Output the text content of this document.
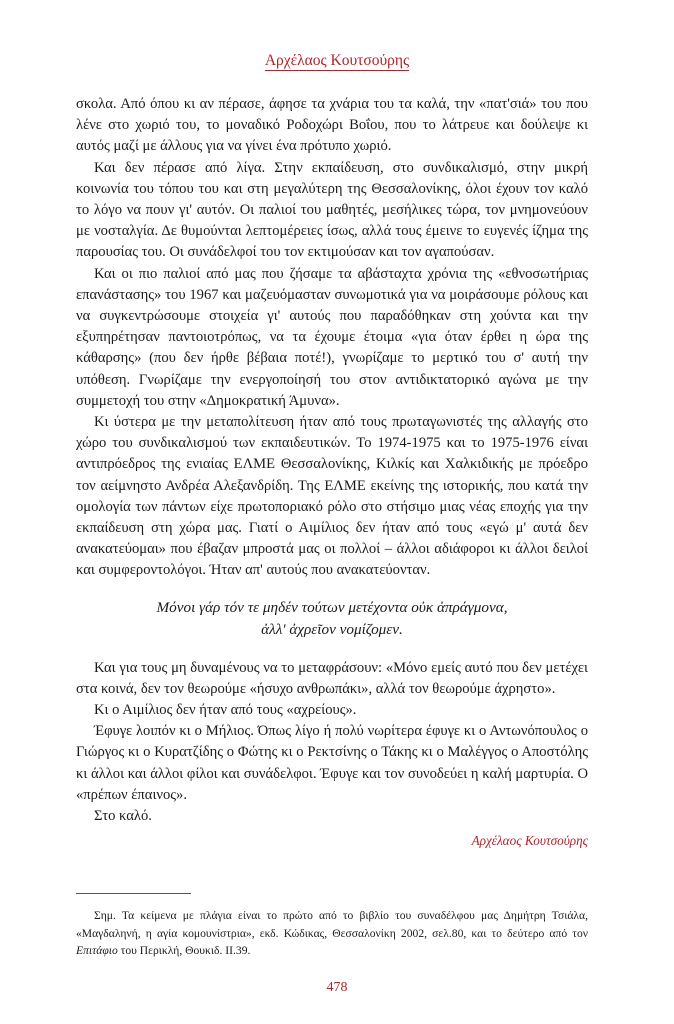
Αρχέλαος Κουτσούρης

σκολα. Από όπου κι αν πέρασε, άφησε τα χνάρια του τα καλά, την «πατ'σιά» του που λένε στο χωριό του, το μοναδικό Ροδοχώρι Βοΐου, που το λάτρευε και δούλεψε κι αυτός μαζί με άλλους για να γίνει ένα πρότυπο χωριό.

Και δεν πέρασε από λίγα. Στην εκπαίδευση, στο συνδικαλισμό, στην μικρή κοινωνία του τόπου του και στη μεγαλύτερη της Θεσσαλονίκης, όλοι έχουν τον καλό το λόγο να πουν γι' αυτόν. Οι παλιοί του μαθητές, μεσήλικες τώρα, τον μνημονεύουν με νοσταλγία. Δε θυμούνται λεπτομέρειες ίσως, αλλά τους έμεινε το ευγενές ίζημα της παρουσίας του. Οι συνάδελφοί του τον εκτιμούσαν και τον αγαπούσαν.

Και οι πιο παλιοί από μας που ζήσαμε τα αβάσταχτα χρόνια της «εθνοσωτήριας επανάστασης» του 1967 και μαζευόμασταν συνωμοτικά για να μοιράσουμε ρόλους και να συγκεντρώσουμε στοιχεία γι' αυτούς που παραδόθηκαν στη χούντα και την εξυπηρέτησαν παντοιοτρόπως, να τα έχουμε έτοιμα «για όταν έρθει η ώρα της κάθαρσης» (που δεν ήρθε βέβαια ποτέ!), γνωρίζαμε το μερτικό του σ' αυτή την υπόθεση. Γνωρίζαμε την ενεργοποίησή του στον αντιδικτατορικό αγώνα με την συμμετοχή του στην «Δημοκρατική Άμυνα».

Κι ύστερα με την μεταπολίτευση ήταν από τους πρωταγωνιστές της αλλαγής στο χώρο του συνδικαλισμού των εκπαιδευτικών. Το 1974-1975 και το 1975-1976 είναι αντιπρόεδρος της ενιαίας ΕΛΜΕ Θεσσαλονίκης, Κιλκίς και Χαλκιδικής με πρόεδρο τον αείμνηστο Ανδρέα Αλεξανδρίδη. Της ΕΛΜΕ εκείνης της ιστορικής, που κατά την ομολογία των πάντων είχε πρωτοποριακό ρόλο στο στήσιμο μιας νέας εποχής για την εκπαίδευση στη χώρα μας. Γιατί ο Αιμίλιος δεν ήταν από τους «εγώ μ' αυτά δεν ανακατεύομαι» που έβαζαν μπροστά μας οι πολλοί – άλλοι αδιάφοροι κι άλλοι δειλοί και συμφεροντολόγοι. Ήταν απ' αυτούς που ανακατεύονταν.

Μόνοι γάρ τόν τε μηδέν τούτων μετέχοντα οὐκ ἀπράγμονα,
ἀλλ' ἀχρεῖον νομίζομεν.

Και για τους μη δυναμένους να το μεταφράσουν: «Μόνο εμείς αυτό που δεν μετέχει στα κοινά, δεν τον θεωρούμε «ήσυχο ανθρωπάκι», αλλά τον θεωρούμε άχρηστο».

Κι ο Αιμίλιος δεν ήταν από τους «αχρείους».

Έφυγε λοιπόν κι ο Μήλιος. Όπως λίγο ή πολύ νωρίτερα έφυγε κι ο Αντωνόπουλος ο Γιώργος κι ο Κυρατζίδης ο Φώτης κι ο Ρεκτσίνης ο Τάκης κι ο Μαλέγγος ο Αποστόλης κι άλλοι και άλλοι φίλοι και συνάδελφοι. Έφυγε και τον συνοδεύει η καλή μαρτυρία. Ο «πρέπων έπαινος».

Στο καλό.

Αρχέλαος Κουτσούρης
Σημ. Τα κείμενα με πλάγια είναι το πρώτο από το βιβλίο του συναδέλφου μας Δημήτρη Τσιάλα, «Μαγδαληνή, η αγία κομουνίστρια», εκδ. Κώδικας, Θεσσαλονίκη 2002, σελ.80, και το δεύτερο από τον Επιτάφιο του Περικλή, Θουκιδ. ΙΙ.39.
478
